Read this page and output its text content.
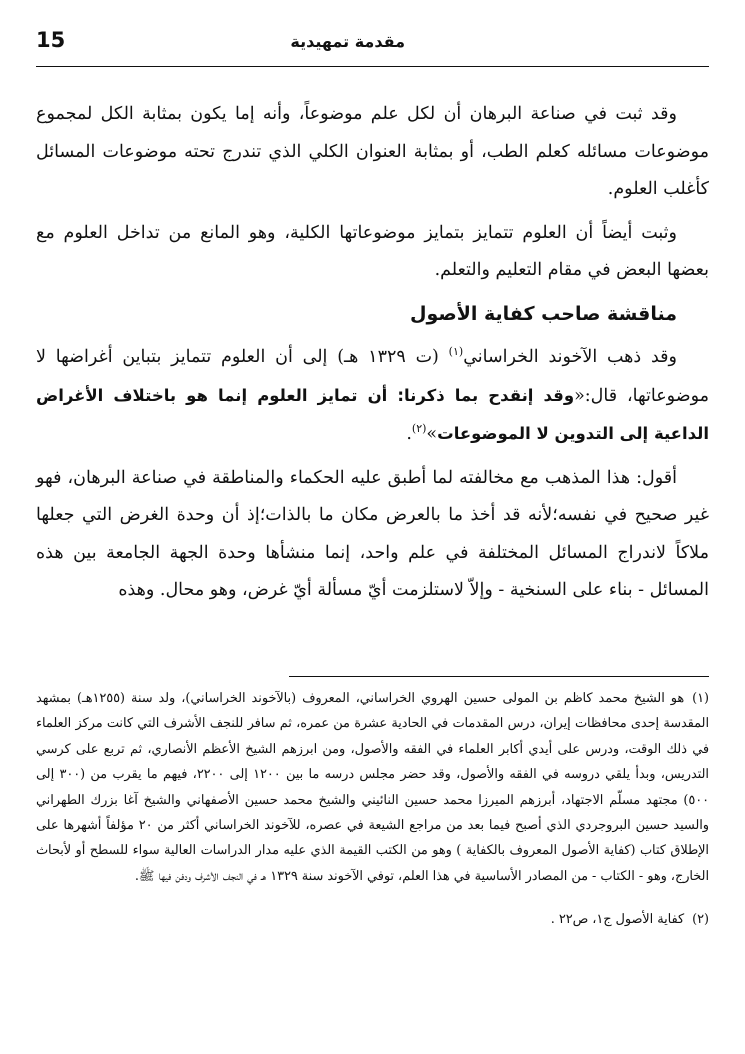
15	مقدمة تمهيدية

وقد ثبت في صناعة البرهان أن لكل علم موضوعاً، وأنه إما يكون بمثابة الكل لمجموع موضوعات مسائله كعلم الطب، أو بمثابة العنوان الكلي الذي تندرج تحته موضوعات المسائل كأغلب العلوم.

وثبت أيضاً أن العلوم تتمايز بتمايز موضوعاتها الكلية، وهو المانع من تداخل العلوم مع بعضها البعض في مقام التعليم والتعلم.

مناقشة صاحب كفاية الأصول

وقد ذهب الآخوند الخراساني$^{(١)}$ (ت ١٣٢٩ هـ) إلى أن العلوم تتمايز بتباين أغراضها لا موضوعاتها، قال:«وقد إنقدح بما ذكرنا: أن تمايز العلوم إنما هو باختلاف الأغراض الداعية إلى التدوين لا الموضوعات»$^{(٢)}$.

أقول: هذا المذهب مع مخالفته لما أطبق عليه الحكماء والمناطقة في صناعة البرهان، فهو غير صحيح في نفسه؛لأنه قد أخذ ما بالعرض مكان ما بالذات؛إذ أن وحدة الغرض التي جعلها ملاكاً لاندراج المسائل المختلفة في علم واحد، إنما منشأها وحدة الجهة الجامعة بين هذه المسائل - بناء على السنخية - وإلاّ لاستلزمت أيّ مسألة أيّ غرض، وهو محال. وهذه

(١)هو الشيخ محمد كاظم بن المولى حسين الهروي الخراساني، المعروف (بالآخوند الخراساني)، ولد سنة (١٢٥٥هـ) بمشهد المقدسة إحدى محافظات إيران، درس المقدمات في الحادية عشرة من عمره، ثم سافر للنجف الأشرف التي كانت مركز العلماء في ذلك الوقت، ودرس على أيدي أكابر العلماء في الفقه والأصول، ومن ابرزهم الشيخ الأعظم الأنصاري، ثم تربع على كرسي التدريس، وبدأ يلقي دروسه في الفقه والأصول، وقد حضر مجلس درسه ما بين ١٢٠٠ إلى ٢٢٠٠، فيهم ما يقرب من (٣٠٠ إلى ٥٠٠) مجتهد مسلّم الاجتهاد، أبرزهم الميرزا محمد حسين النائيني والشيخ محمد حسين الأصفهاني والشيخ آغا بزرك الطهراني والسيد حسين البروجردي الذي أصبح فيما بعد من مراجع الشيعة في عصره، للآخوند الخراساني أكثر من ٢٠ مؤلفاً أشهرها على الإطلاق كتاب (كفاية الأصول المعروف بالكفاية ) وهو من الكتب القيمة الذي عليه مدار الدراسات العالية سواء للسطح أو لأبحاث الخارج، وهو - الكتاب - من المصادر الأساسية في هذا العلم، توفي الآخوند سنة ١٣٢٩ هـ في النجف الأشرف ودفن فيها ﷺ.

(٢)كفاية الأصول ج١، ص٢٢ .
